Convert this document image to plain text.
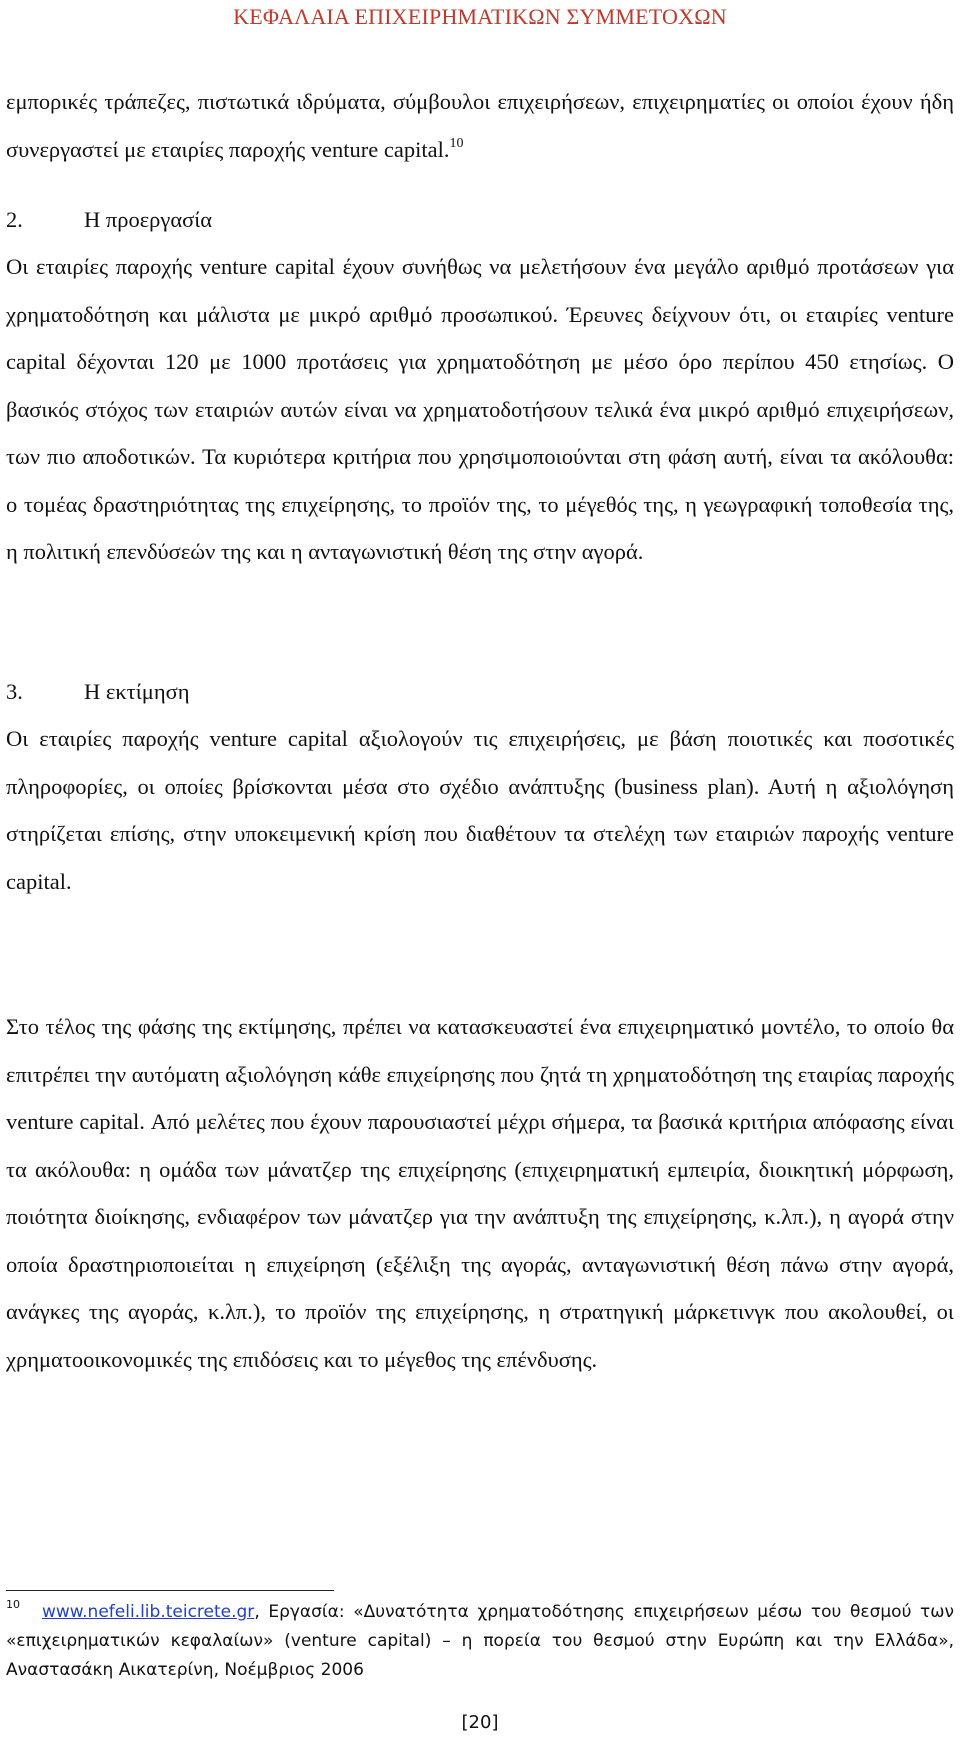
ΚΕΦΑΛΑΙΑ ΕΠΙΧΕΙΡΗΜΑΤΙΚΩΝ ΣΥΜΜΕΤΟΧΩΝ

εμπορικές τράπεζες, πιστωτικά ιδρύματα, σύμβουλοι επιχειρήσεων, επιχειρηματίες οι οποίοι έχουν ήδη συνεργαστεί με εταιρίες παροχής venture capital.$^{10}$

2.	Η προεργασία

Οι εταιρίες παροχής venture capital έχουν συνήθως να μελετήσουν ένα μεγάλο αριθμό προτάσεων για χρηματοδότηση και μάλιστα με μικρό αριθμό προσωπικού. Έρευνες δείχνουν ότι, οι εταιρίες venture capital δέχονται 120 με 1000 προτάσεις για χρηματοδότηση με μέσο όρο περίπου 450 ετησίως. Ο βασικός στόχος των εταιριών αυτών είναι να χρηματοδοτήσουν τελικά ένα μικρό αριθμό επιχειρήσεων, των πιο αποδοτικών. Τα κυριότερα κριτήρια που χρησιμοποιούνται στη φάση αυτή, είναι τα ακόλουθα: ο τομέας δραστηριότητας της επιχείρησης, το προϊόν της, το μέγεθός της, η γεωγραφική τοποθεσία της, η πολιτική επενδύσεών της και η ανταγωνιστική θέση της στην αγορά.

3.	Η εκτίμηση

Οι εταιρίες παροχής venture capital αξιολογούν τις επιχειρήσεις, με βάση ποιοτικές και ποσοτικές πληροφορίες, οι οποίες βρίσκονται μέσα στο σχέδιο ανάπτυξης (business plan). Αυτή η αξιολόγηση στηρίζεται επίσης, στην υποκειμενική κρίση που διαθέτουν τα στελέχη των εταιριών παροχής venture capital.

Στο τέλος της φάσης της εκτίμησης, πρέπει να κατασκευαστεί ένα επιχειρηματικό μοντέλο, το οποίο θα επιτρέπει την αυτόματη αξιολόγηση κάθε επιχείρησης που ζητά τη χρηματοδότηση της εταιρίας παροχής venture capital. Από μελέτες που έχουν παρουσιαστεί μέχρι σήμερα, τα βασικά κριτήρια απόφασης είναι τα ακόλουθα: η ομάδα των μάνατζερ της επιχείρησης (επιχειρηματική εμπειρία, διοικητική μόρφωση, ποιότητα διοίκησης, ενδιαφέρον των μάνατζερ για την ανάπτυξη της επιχείρησης, κ.λπ.), η αγορά στην οποία δραστηριοποιείται η επιχείρηση (εξέλιξη της αγοράς, ανταγωνιστική θέση πάνω στην αγορά, ανάγκες της αγοράς, κ.λπ.), το προϊόν της επιχείρησης, η στρατηγική μάρκετινγκ που ακολουθεί, οι χρηματοοικονομικές της επιδόσεις και το μέγεθος της επένδυσης.

$^{10}$ www.nefeli.lib.teicrete.gr, Εργασία: «Δυνατότητα χρηματοδότησης επιχειρήσεων μέσω του θεσμού των «επιχειρηματικών κεφαλαίων» (venture capital) – η πορεία του θεσμού στην Ευρώπη και την Ελλάδα», Αναστασάκη Αικατερίνη, Νοέμβριος 2006

[20]
